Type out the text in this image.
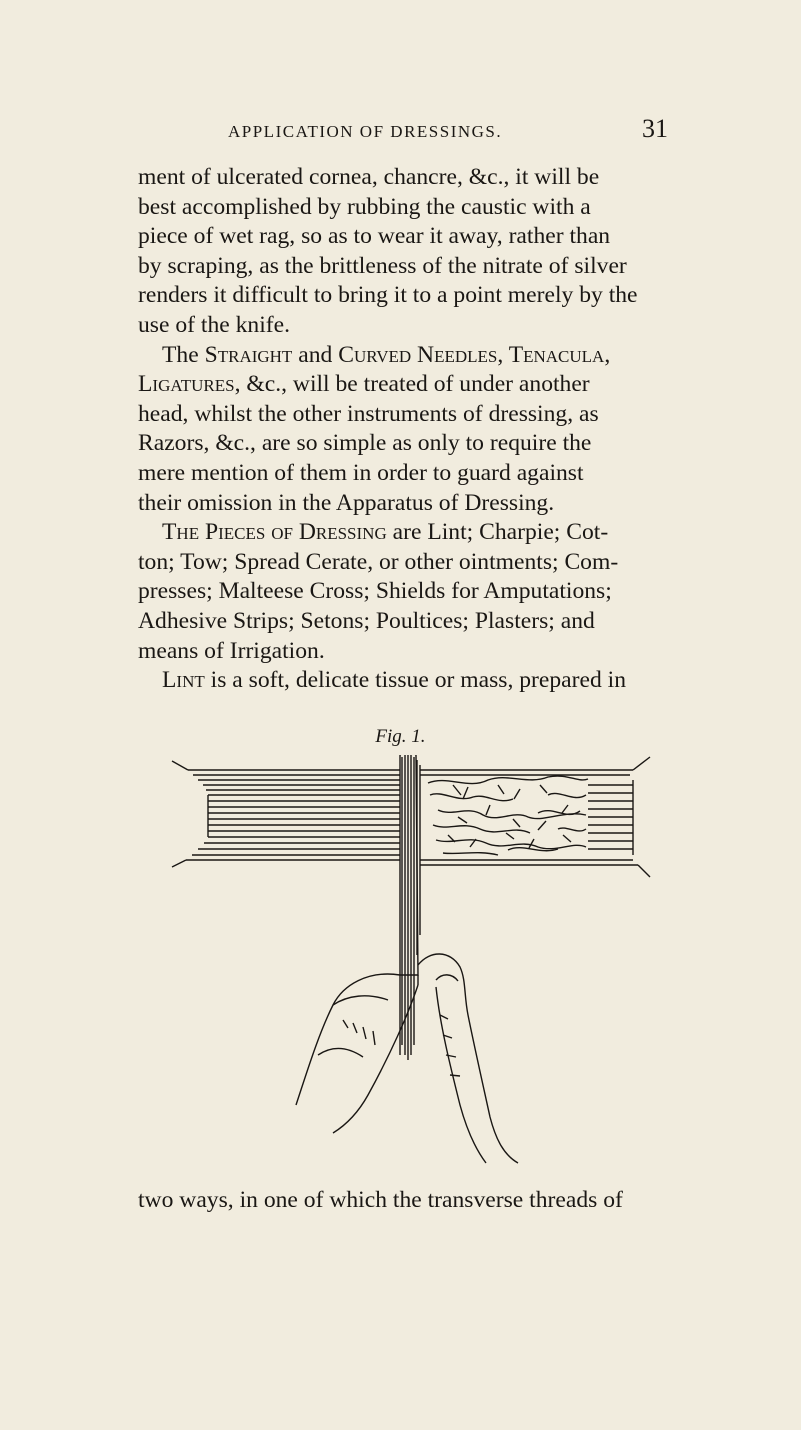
APPLICATION OF DRESSINGS.	31
ment of ulcerated cornea, chancre, &c., it will be
best accomplished by rubbing the caustic with a
piece of wet rag, so as to wear it away, rather than
by scraping, as the brittleness of the nitrate of silver
renders it difficult to bring it to a point merely by the
use of the knife.
The Straight and Curved Needles, Tenacula,
Ligatures, &c., will be treated of under another
head, whilst the other instruments of dressing, as
Razors, &c., are so simple as only to require the
mere mention of them in order to guard against
their omission in the Apparatus of Dressing.
The Pieces of Dressing are Lint; Charpie; Cot-
ton; Tow; Spread Cerate, or other ointments; Com-
presses; Malteese Cross; Shields for Amputations;
Adhesive Strips; Setons; Poultices; Plasters; and
means of Irrigation.
Lint is a soft, delicate tissue or mass, prepared in
Fig. 1.
two ways, in one of which the transverse threads of
